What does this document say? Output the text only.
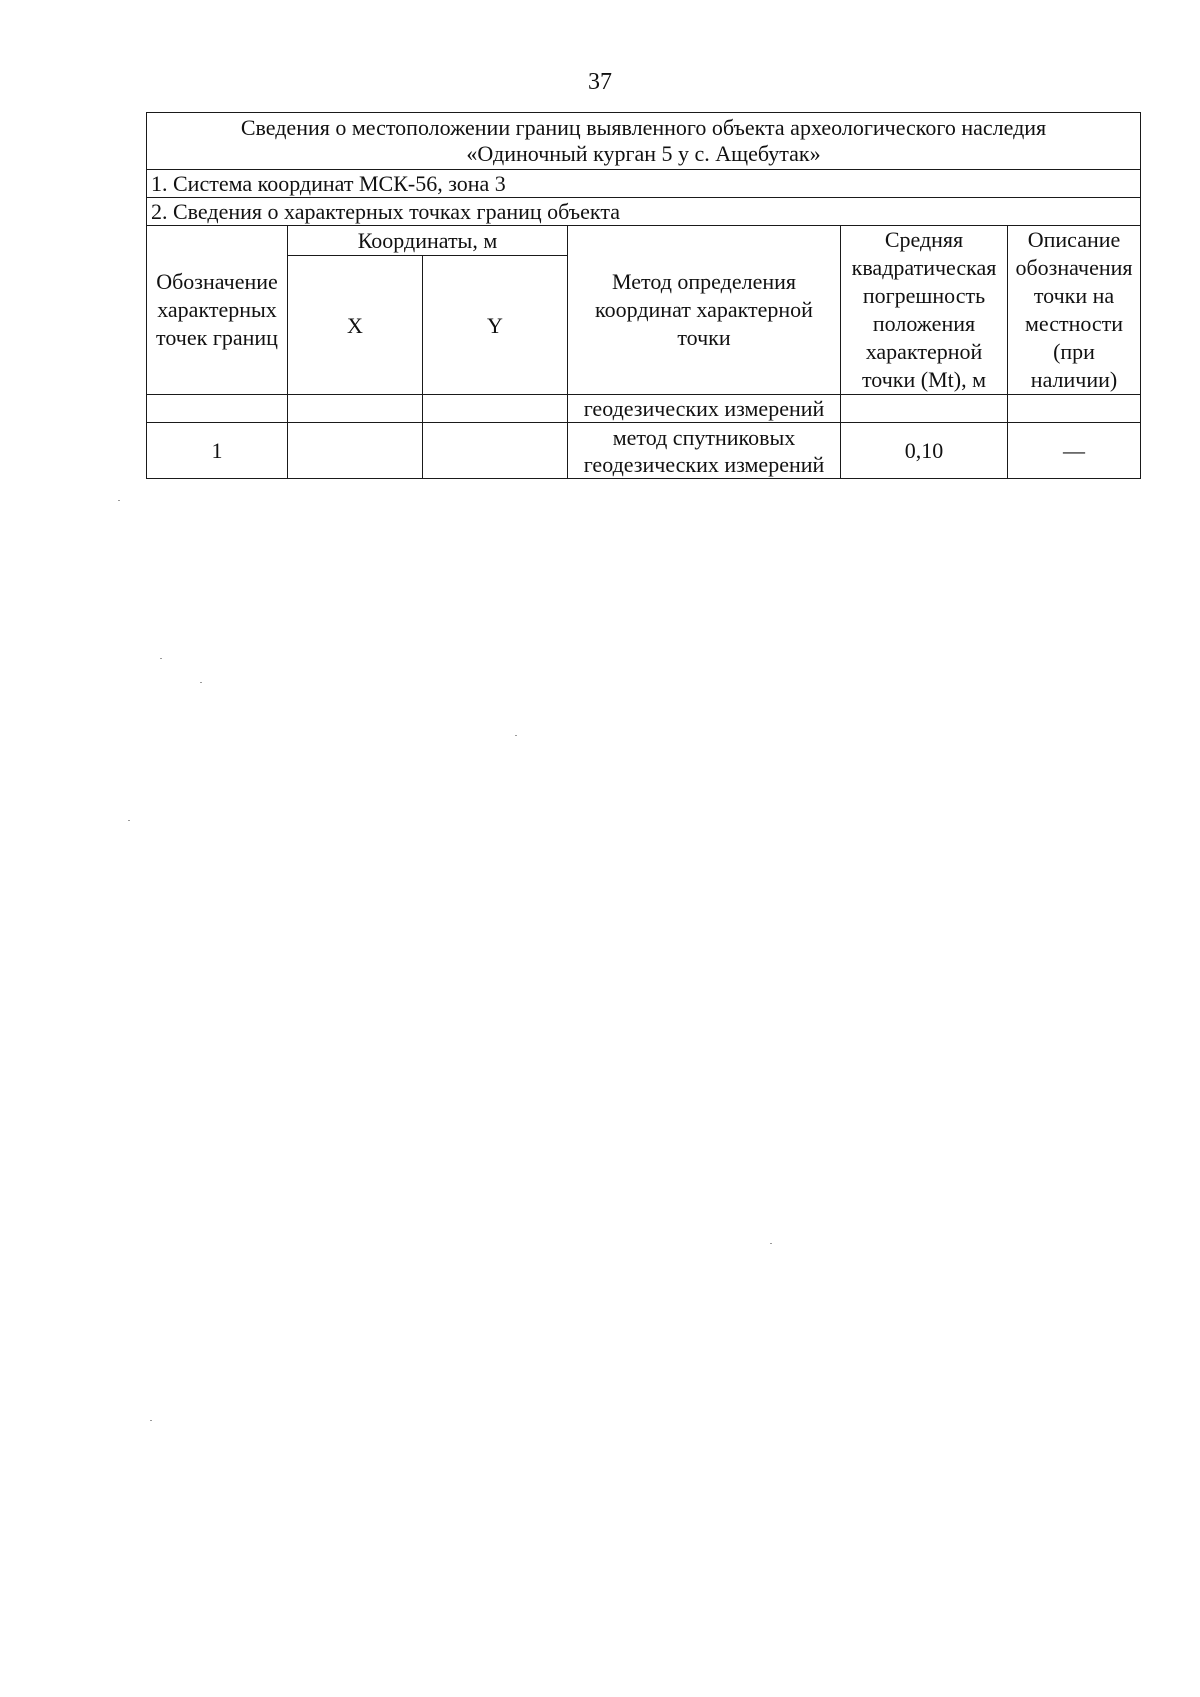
37
Сведения о местоположении границ выявленного объекта археологического наследия
«Одиночный курган 5 у с. Ащебутак»					

1. Система координат МСК-56, зона 3					
2. Сведения о характерных точках границ объекта					
Обозначение характерных точек границ	Координаты, м		Метод определения координат характерной точки	Средняя квадратическая погрешность положения характерной точки (Mt), м	Описание обозначения точки на местности (при наличии)
	X	Y			

			геодезических измерений		

1			метод спутниковых геодезических измерений	0,10	—
